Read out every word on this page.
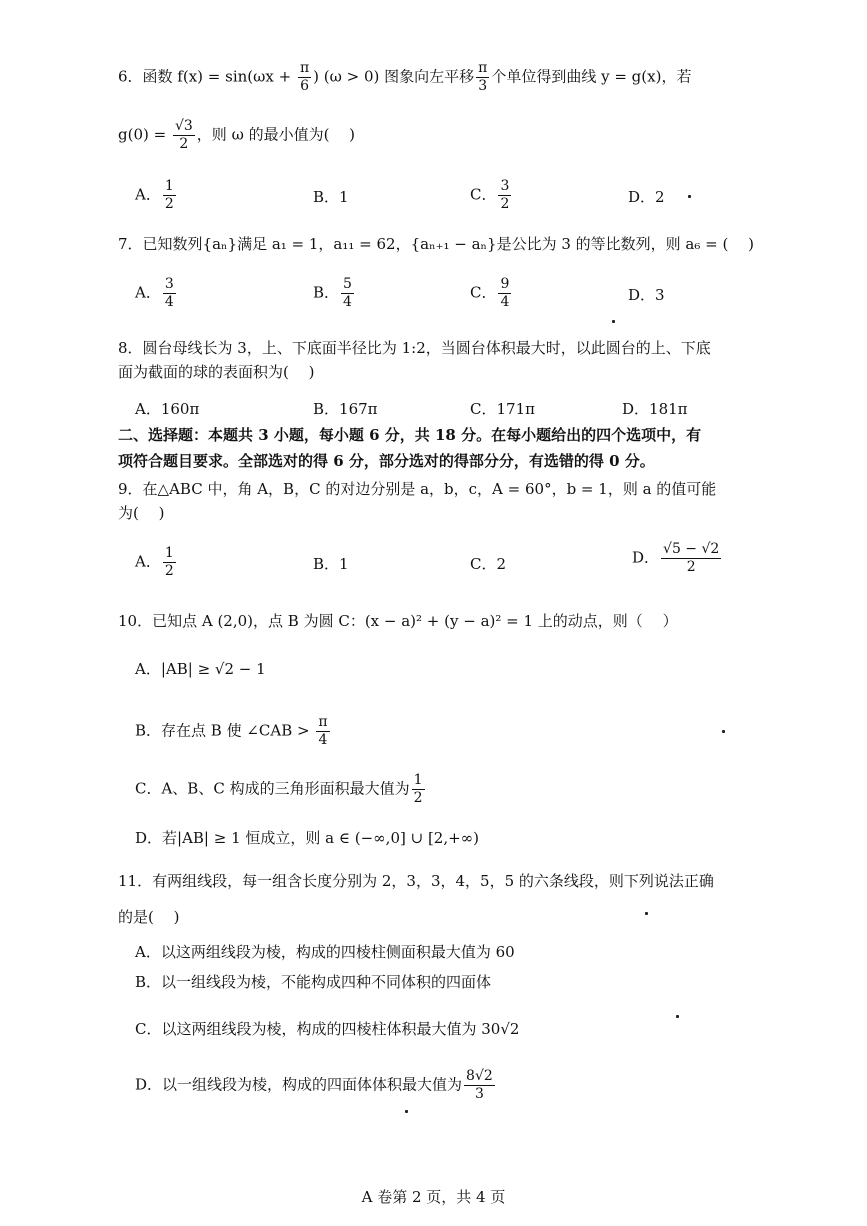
6．函数 $f(x) = \sin(\omega x + \frac{\pi}{6}$ ) (ω > 0) 图象向左平移 $\frac{\pi}{3}$ 个单位得到曲线 y = g(x)，若
$g(0) = \frac{√3}{2}$ ，则 ω 的最小值为(　 )
A． $\frac{1}{2}$	B．1	C． $\frac{3}{2}$	D．2
7．已知数列{aₙ}满足 a₁ = 1，a₁₁ = 62，{aₙ₊₁ − aₙ}是公比为 3 的等比数列，则 a₆ = (　 )
A． $\frac{3}{4}$	B． $\frac{5}{4}$	C． $\frac{9}{4}$	D．3
8．圆台母线长为 3，上、下底面半径比为 1:2，当圆台体积最大时，以此圆台的上、下底
面为截面的球的表面积为(　 )
A．160π	B．167π	C．171π	D．181π
二、选择题：本题共 3 小题，每小题 6 分，共 18 分。在每小题给出的四个选项中，有
项符合题目要求。全部选对的得 6 分，部分选对的得部分分，有选错的得 0 分。
9．在△ABC 中，角 A，B，C 的对边分别是 a，b，c，A = 60°，b = 1，则 a 的值可能
为(　 )
A． $\frac{1}{2}$	B．1	C．2	D． $\frac{√5 - √2}{2}$
10．已知点 A (2,0)，点 B 为圆 C：(x − a)² + (y − a)² = 1 上的动点，则（　 ）
A．|AB| ≥ √2 − 1
B．存在点 B 使 ∠CAB > $\frac{\pi}{4}$
C．A、B、C 构成的三角形面积最大值为 $\frac{1}{2}$
D．若|AB| ≥ 1 恒成立，则 a ∈ (−∞,0] ∪ [2,+∞)
11．有两组线段，每一组含长度分别为 2，3，3，4，5，5 的六条线段，则下列说法正确
的是(　 )
A．以这两组线段为棱，构成的四棱柱侧面积最大值为 60
B．以一组线段为棱，不能构成四种不同体积的四面体
C．以这两组线段为棱，构成的四棱柱体积最大值为 30√2
D．以一组线段为棱，构成的四面体体积最大值为 $\frac{8√2}{3}$
A 卷第 2 页，共 4 页
